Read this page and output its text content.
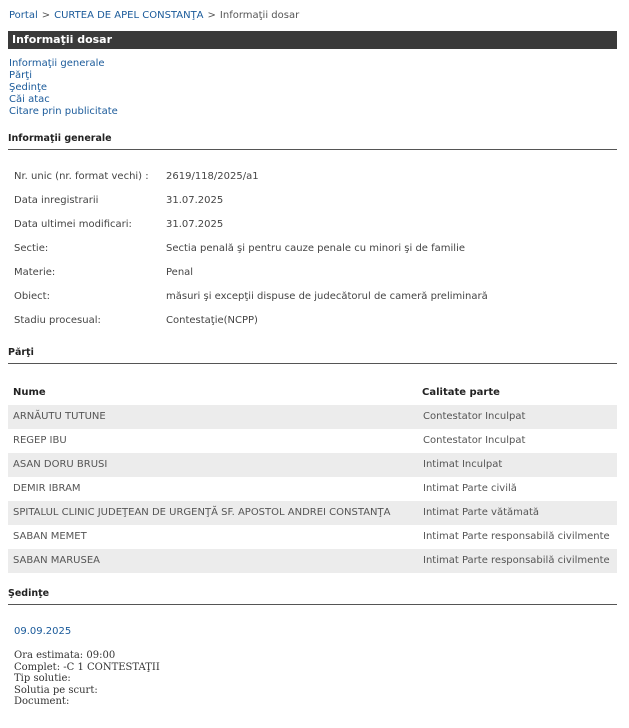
Portal > CURTEA DE APEL CONSTANŢA > Informaţii dosar
Informaţii dosar
Informaţii generale
Părţi
Şedinţe
Căi atac
Citare prin publicitate
Informaţii generale
Nr. unic (nr. format vechi) : 2619/118/2025/a1
Data inregistrarii	31.07.2025
Data ultimei modificari:	31.07.2025
Sectie:	Sectia penală şi pentru cauze penale cu minori şi de familie
Materie:	Penal
Obiect:	măsuri şi excepţii dispuse de judecătorul de cameră preliminară
Stadiu procesual:	Contestaţie(NCPP)
Părţi
Nume	Calitate parte
ARNĂUTU TUTUNE	Contestator Inculpat
REGEP IBU	Contestator Inculpat
ASAN DORU BRUSI	Intimat Inculpat
DEMIR IBRAM	Intimat Parte civilă
SPITALUL CLINIC JUDEŢEAN DE URGENŢĂ SF. APOSTOL ANDREI CONSTANŢA	Intimat Parte vătămată
SABAN MEMET	Intimat Parte responsabilă civilmente
SABAN MARUSEA	Intimat Parte responsabilă civilmente
Şedinţe
09.09.2025
Ora estimata: 09:00
Complet: -C 1 CONTESTAŢII
Tip solutie:
Solutia pe scurt:
Document:
